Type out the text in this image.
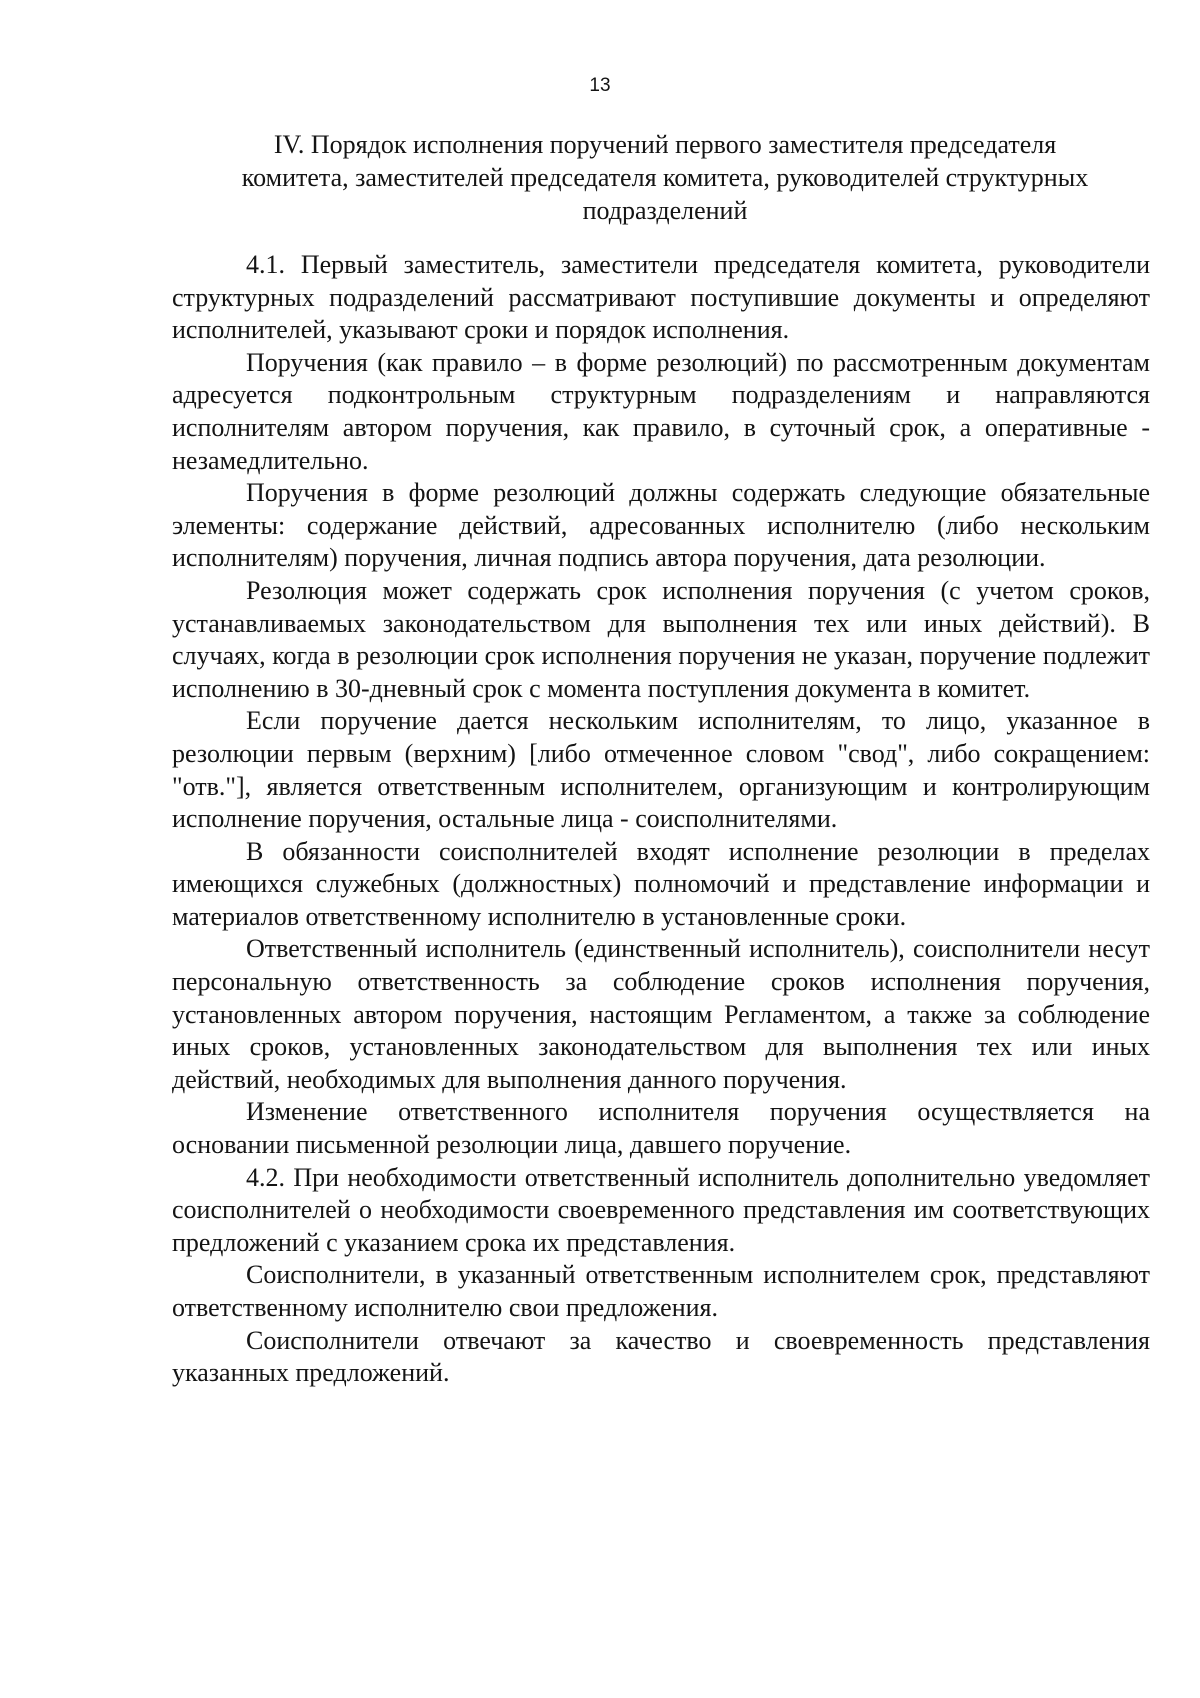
13
IV. Порядок исполнения поручений первого заместителя председателя
комитета, заместителей председателя комитета, руководителей структурных
подразделений

4.1. Первый заместитель, заместители председателя комитета, руководители структурных подразделений рассматривают поступившие документы и определяют исполнителей, указывают сроки и порядок исполнения.

Поручения (как правило – в форме резолюций) по рассмотренным документам адресуется подконтрольным структурным подразделениям и направляются исполнителям автором поручения, как правило, в суточный срок, а оперативные - незамедлительно.

Поручения в форме резолюций должны содержать следующие обязательные элементы: содержание действий, адресованных исполнителю (либо нескольким исполнителям) поручения, личная подпись автора поручения, дата резолюции.

Резолюция может содержать срок исполнения поручения (с учетом сроков, устанавливаемых законодательством для выполнения тех или иных действий). В случаях, когда в резолюции срок исполнения поручения не указан, поручение подлежит исполнению в 30-дневный срок с момента поступления документа в комитет.

Если поручение дается нескольким исполнителям, то лицо, указанное в резолюции первым (верхним) [либо отмеченное словом "свод", либо сокращением: "отв."], является ответственным исполнителем, организующим и контролирующим исполнение поручения, остальные лица - соисполнителями.

В обязанности соисполнителей входят исполнение резолюции в пределах имеющихся служебных (должностных) полномочий и представление информации и материалов ответственному исполнителю в установленные сроки.

Ответственный исполнитель (единственный исполнитель), соисполнители несут персональную ответственность за соблюдение сроков исполнения поручения, установленных автором поручения, настоящим Регламентом, а также за соблюдение иных сроков, установленных законодательством для выполнения тех или иных действий, необходимых для выполнения данного поручения.

Изменение ответственного исполнителя поручения осуществляется на основании письменной резолюции лица, давшего поручение.

4.2. При необходимости ответственный исполнитель дополнительно уведомляет соисполнителей о необходимости своевременного представления им соответствующих предложений с указанием срока их представления.

Соисполнители, в указанный ответственным исполнителем срок, представляют ответственному исполнителю свои предложения.

Соисполнители отвечают за качество и своевременность представления указанных предложений.
